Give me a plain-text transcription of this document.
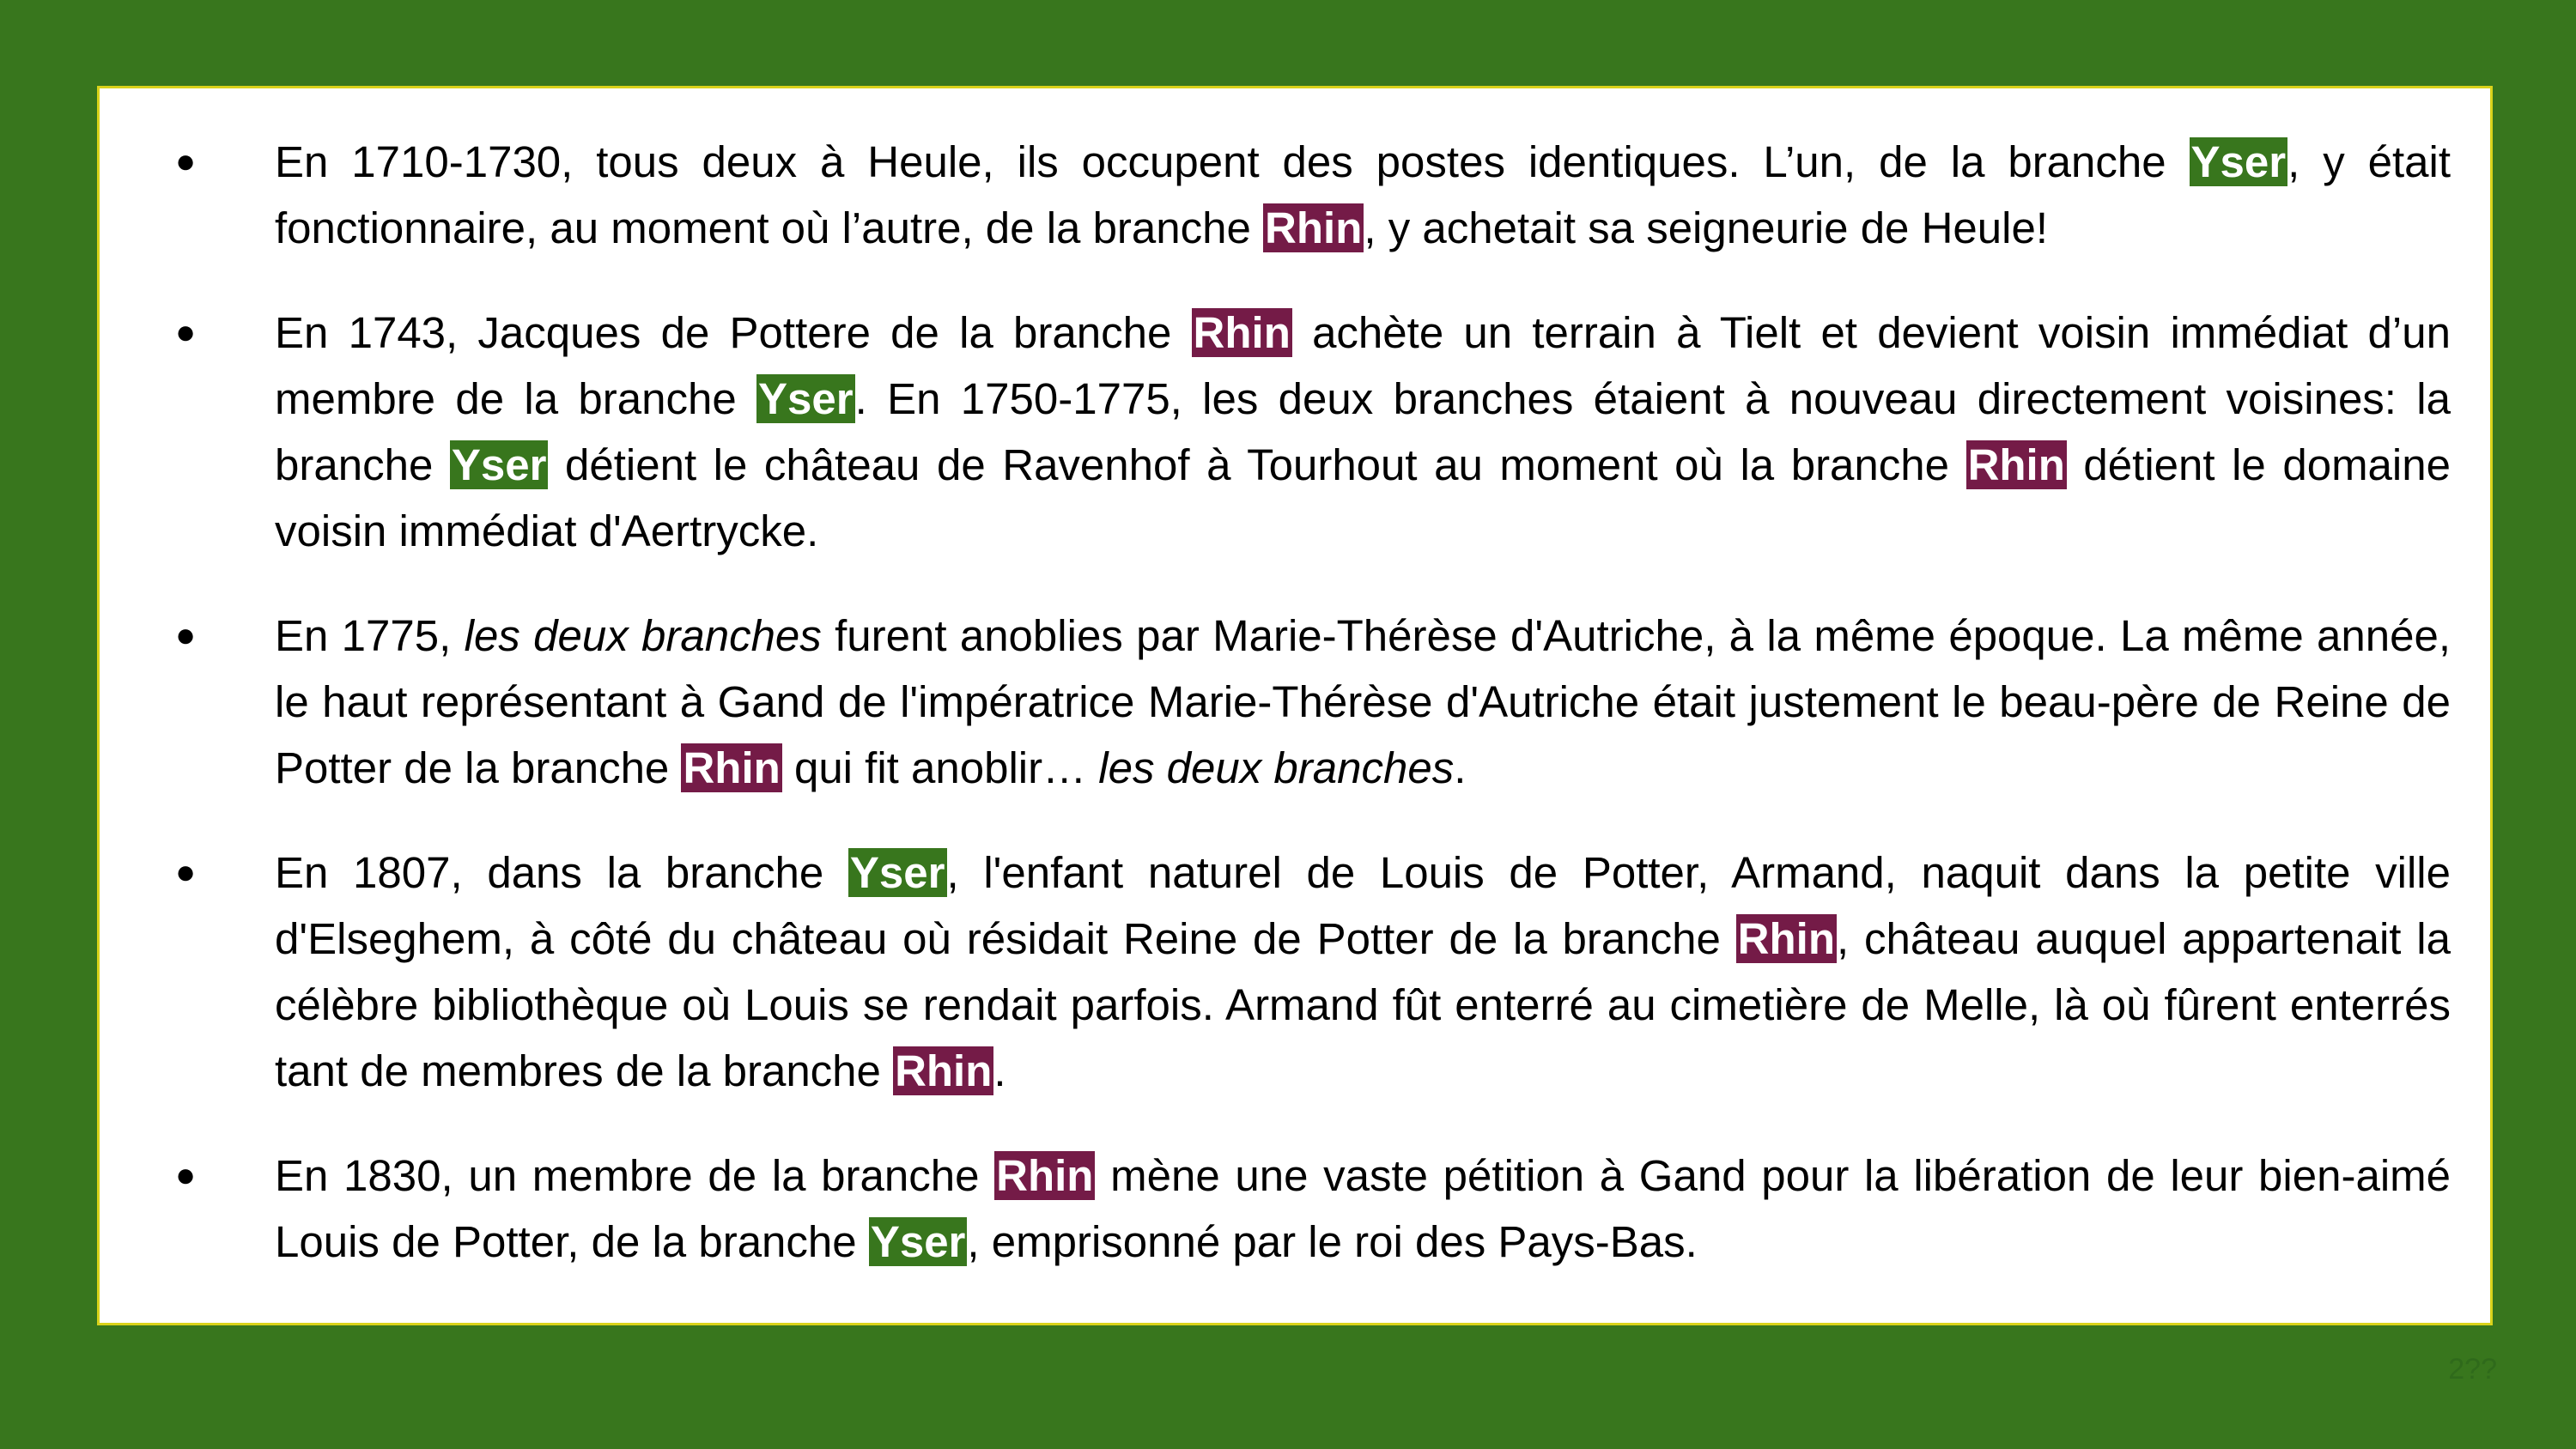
●	En 1710-1730, tous deux à Heule, ils occupent des postes identiques. L’un, de la branche Yser, y était fonctionnaire, au moment où l’autre, de la branche Rhin, y achetait sa seigneurie de Heule!
●	En 1743, Jacques de Pottere de la branche Rhin achète un terrain à Tielt et devient voisin immédiat d’un membre de la branche Yser. En 1750-1775, les deux branches étaient à nouveau directement voisines: la branche Yser détient le château de Ravenhof à Tourhout au moment où la branche Rhin détient le domaine voisin immédiat d'Aertrycke.
●	En 1775, les deux branches furent anoblies par Marie-Thérèse d'Autriche, à la même époque. La même année, le haut représentant à Gand de l'impératrice Marie-Thérèse d'Autriche était justement le beau-père de Reine de Potter de la branche Rhin qui fit anoblir… les deux branches.
●	En 1807, dans la branche Yser, l'enfant naturel de Louis de Potter, Armand, naquit dans la petite ville d'Elseghem, à côté du château où résidait Reine de Potter de la branche Rhin, château auquel appartenait la célèbre bibliothèque où Louis se rendait parfois. Armand fût enterré au cimetière de Melle, là où fûrent enterrés tant de membres de la branche Rhin.
●	En 1830, un membre de la branche Rhin mène une vaste pétition à Gand pour la libération de leur bien-aimé Louis de Potter, de la branche Yser, emprisonné par le roi des Pays-Bas.
2??
